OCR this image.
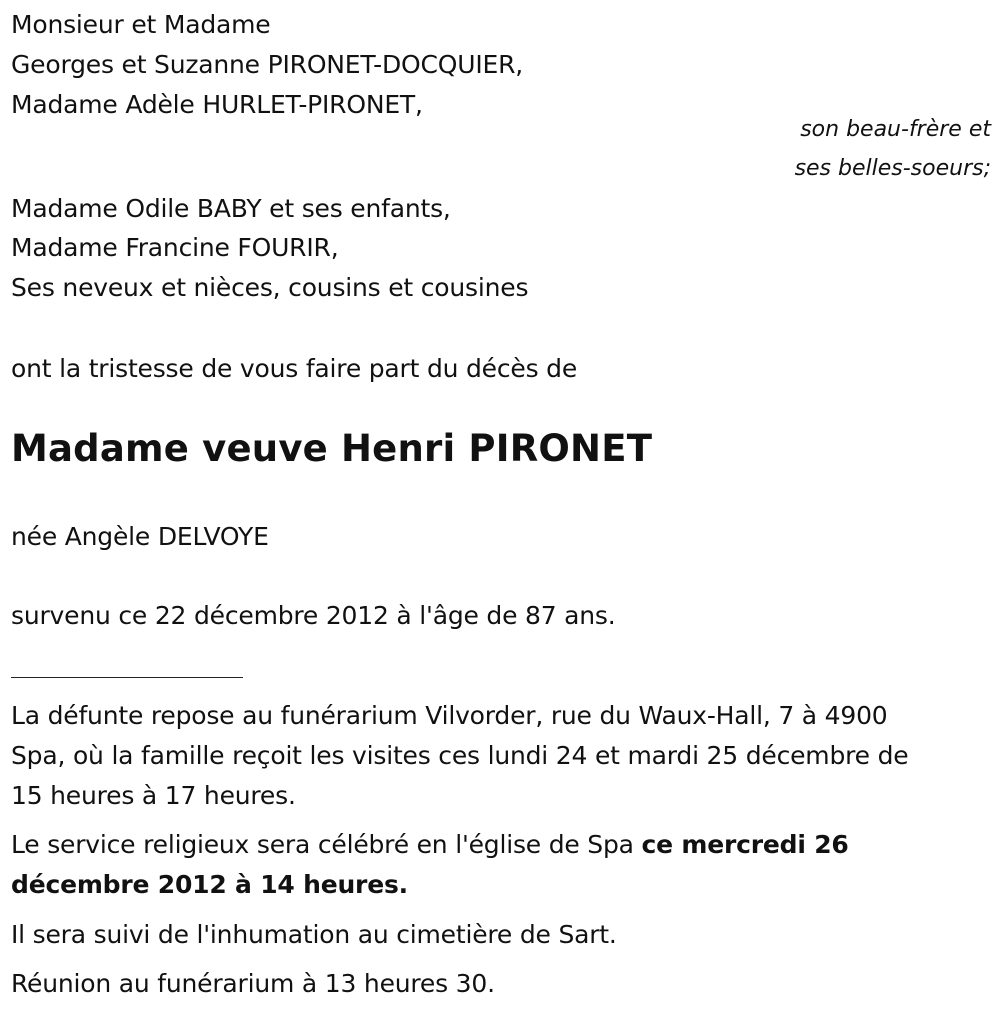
Monsieur et Madame
Georges et Suzanne PIRONET-DOCQUIER,
Madame Adèle HURLET-PIRONET,
son beau-frère et
ses belles-soeurs;
Madame Odile BABY et ses enfants,
Madame Francine FOURIR,
Ses neveux et nièces, cousins et cousines
ont la tristesse de vous faire part du décès de
Madame veuve Henri PIRONET
née Angèle DELVOYE
survenu ce 22 décembre 2012 à l'âge de 87 ans.
La défunte repose au funérarium Vilvorder, rue du Waux-Hall, 7 à 4900
Spa, où la famille reçoit les visites ces lundi 24 et mardi 25 décembre de
15 heures à 17 heures.
Le service religieux sera célébré en l'église de Spa ce mercredi 26
décembre 2012 à 14 heures.
Il sera suivi de l'inhumation au cimetière de Sart.
Réunion au funérarium à 13 heures 30.
